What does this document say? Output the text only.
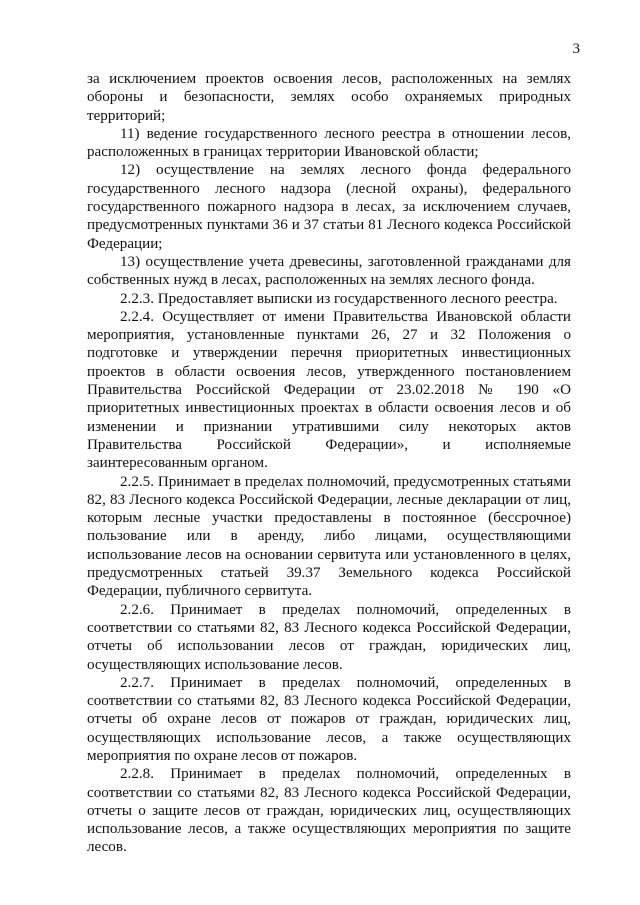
3

за исключением проектов освоения лесов, расположенных на землях обороны и безопасности, землях особо охраняемых природных территорий;

11) ведение государственного лесного реестра в отношении лесов, расположенных в границах территории Ивановской области;

12) осуществление на землях лесного фонда федерального государственного лесного надзора (лесной охраны), федерального государственного пожарного надзора в лесах, за исключением случаев, предусмотренных пунктами 36 и 37 статьи 81 Лесного кодекса Российской Федерации;

13) осуществление учета древесины, заготовленной гражданами для собственных нужд в лесах, расположенных на землях лесного фонда.

2.2.3. Предоставляет выписки из государственного лесного реестра.

2.2.4. Осуществляет от имени Правительства Ивановской области мероприятия, установленные пунктами 26, 27 и 32 Положения о подготовке и утверждении перечня приоритетных инвестиционных проектов в области освоения лесов, утвержденного постановлением Правительства Российской Федерации от 23.02.2018 № 190 «О приоритетных инвестиционных проектах в области освоения лесов и об изменении и признании утратившими силу некоторых актов Правительства Российской Федерации», и исполняемые заинтересованным органом.

2.2.5. Принимает в пределах полномочий, предусмотренных статьями 82, 83 Лесного кодекса Российской Федерации, лесные декларации от лиц, которым лесные участки предоставлены в постоянное (бессрочное) пользование или в аренду, либо лицами, осуществляющими использование лесов на основании сервитута или установленного в целях, предусмотренных статьей 39.37 Земельного кодекса Российской Федерации, публичного сервитута.

2.2.6. Принимает в пределах полномочий, определенных в соответствии со статьями 82, 83 Лесного кодекса Российской Федерации, отчеты об использовании лесов от граждан, юридических лиц, осуществляющих использование лесов.

2.2.7. Принимает в пределах полномочий, определенных в соответствии со статьями 82, 83 Лесного кодекса Российской Федерации, отчеты об охране лесов от пожаров от граждан, юридических лиц, осуществляющих использование лесов, а также осуществляющих мероприятия по охране лесов от пожаров.

2.2.8. Принимает в пределах полномочий, определенных в соответствии со статьями 82, 83 Лесного кодекса Российской Федерации, отчеты о защите лесов от граждан, юридических лиц, осуществляющих использование лесов, а также осуществляющих мероприятия по защите лесов.
